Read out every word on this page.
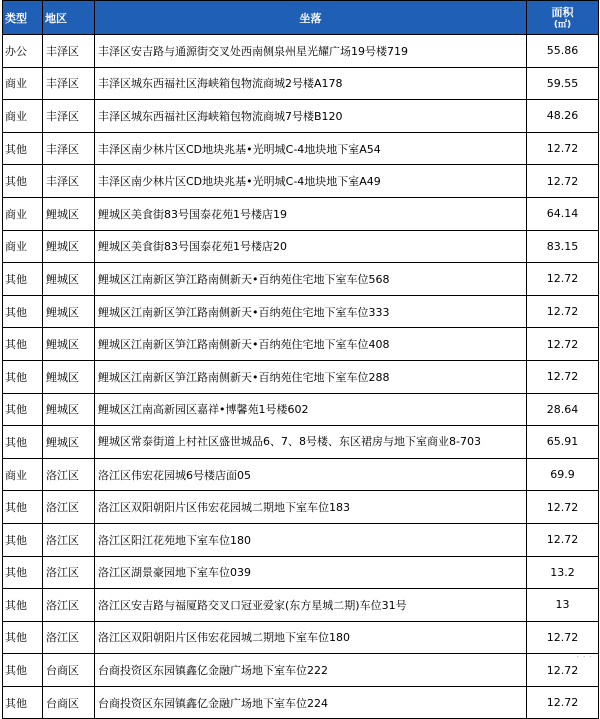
类型	地区	坐落	面积
(㎡)

办公	丰泽区	丰泽区安吉路与通源街交叉处西南侧泉州星光耀广场19号楼719	55.86
商业	丰泽区	丰泽区城东西福社区海峡箱包物流商城2号楼A178	59.55
商业	丰泽区	丰泽区城东西福社区海峡箱包物流商城7号楼B120	48.26
其他	丰泽区	丰泽区南少林片区CD地块兆基•光明城C-4地块地下室A54	12.72
其他	丰泽区	丰泽区南少林片区CD地块兆基•光明城C-4地块地下室A49	12.72
商业	鲤城区	鲤城区美食街83号国泰花苑1号楼店19	64.14
商业	鲤城区	鲤城区美食街83号国泰花苑1号楼店20	83.15
其他	鲤城区	鲤城区江南新区笋江路南侧新天•百纳苑住宅地下室车位568	12.72
其他	鲤城区	鲤城区江南新区笋江路南侧新天•百纳苑住宅地下室车位333	12.72
其他	鲤城区	鲤城区江南新区笋江路南侧新天•百纳苑住宅地下室车位408	12.72
其他	鲤城区	鲤城区江南新区笋江路南侧新天•百纳苑住宅地下室车位288	12.72
其他	鲤城区	鲤城区江南高新园区嘉祥•博馨苑1号楼602	28.64
其他	鲤城区	鲤城区常泰街道上村社区盛世城品6、7、8号楼、东区裙房与地下室商业8-703	65.91
商业	洛江区	洛江区伟宏花园城6号楼店面05	69.9
其他	洛江区	洛江区双阳朝阳片区伟宏花园城二期地下室车位183	12.72
其他	洛江区	洛江区阳江花苑地下室车位180	12.72
其他	洛江区	洛江区湖景豪园地下室车位039	13.2
其他	洛江区	洛江区安吉路与福厦路交叉口冠亚爱家(东方星城二期)车位31号	13
其他	洛江区	洛江区双阳朝阳片区伟宏花园城二期地下室车位180	12.72
其他	台商区	台商投资区东园镇鑫亿金融广场地下室车位222	12.72
其他	台商区	台商投资区东园镇鑫亿金融广场地下室车位224	12.72
· · ·
